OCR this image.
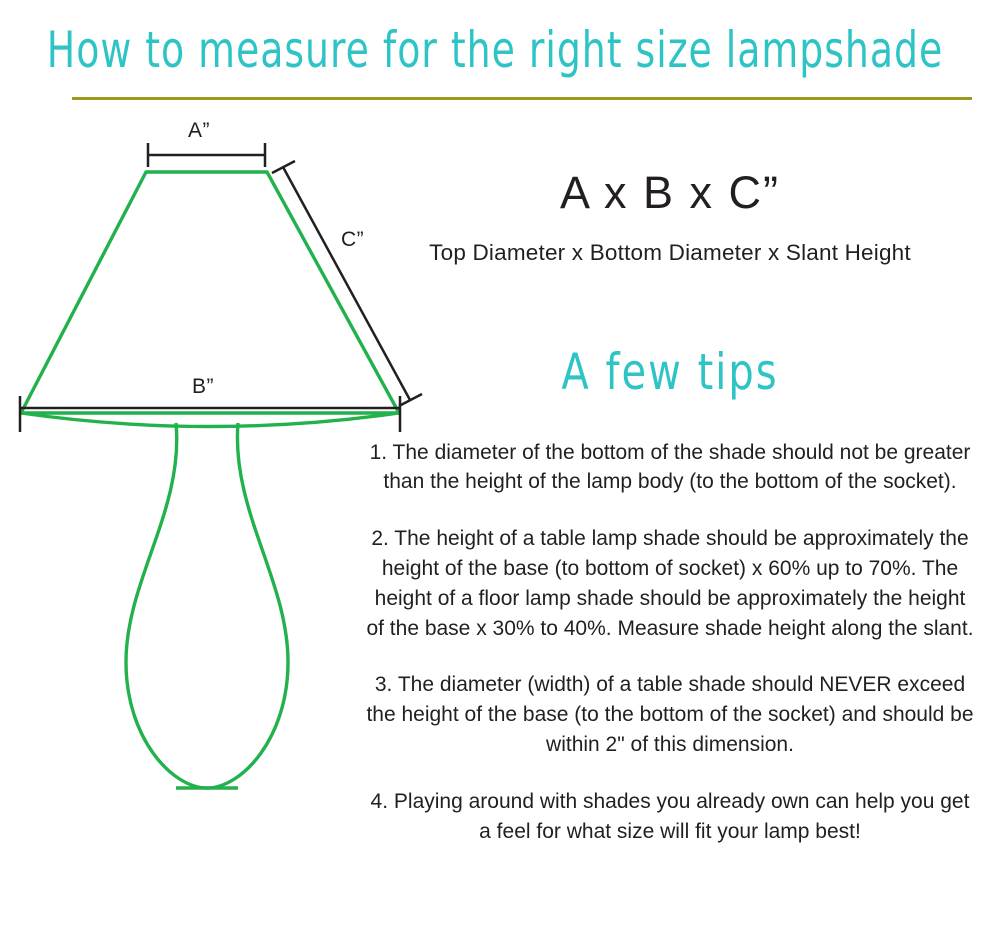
How to measure for the right size lampshade
A”
B”
C”
A x B x C”
Top Diameter x Bottom Diameter x Slant Height
A few tips
1. The diameter of the bottom of the shade should not be greater than the height of the lamp body (to the bottom of the socket).
2. The height of a table lamp shade should be approximately the height of the base (to bottom of socket) x 60% up to 70%. The height of a floor lamp shade should be approximately the height of the base x 30% to 40%. Measure shade height along the slant.
3. The diameter (width) of a table shade should NEVER exceed the height of the base (to the bottom of the socket) and should be within 2" of this dimension.
4. Playing around with shades you already own can help you get a feel for what size will fit your lamp best!
